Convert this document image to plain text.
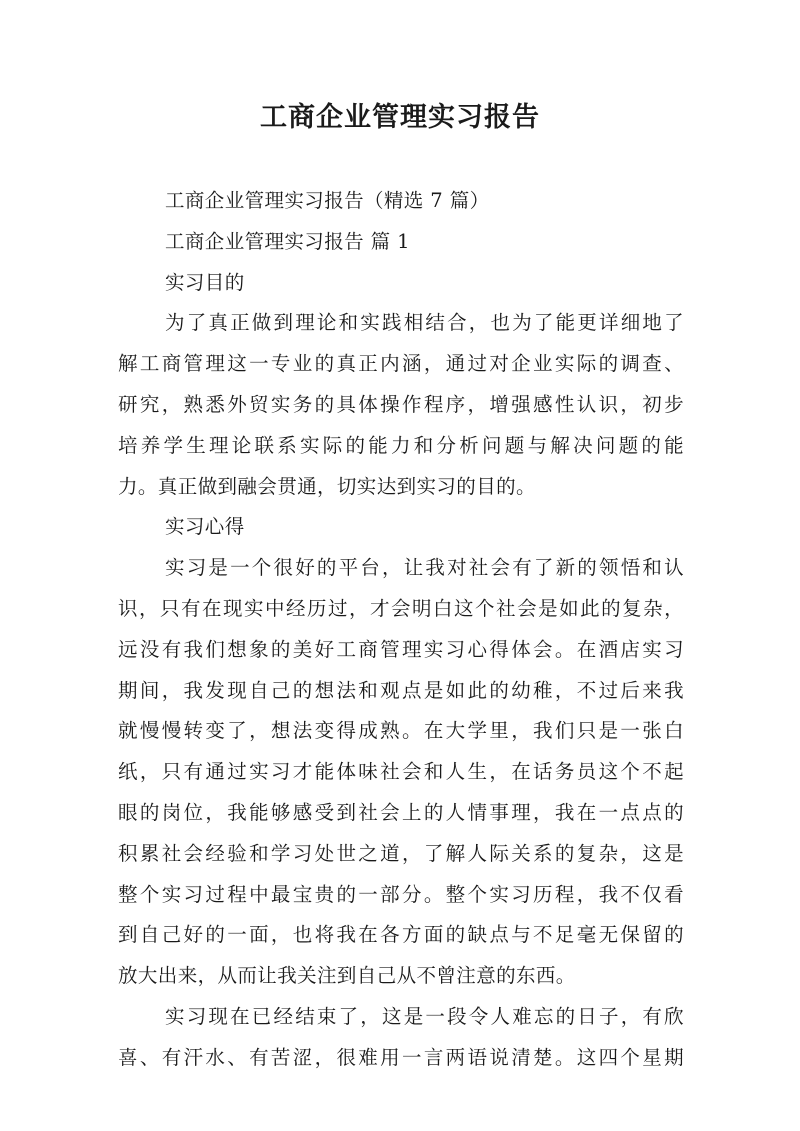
工商企业管理实习报告
工商企业管理实习报告（精选 7 篇）
工商企业管理实习报告 篇 1
实习目的
为了真正做到理论和实践相结合，也为了能更详细地了
解工商管理这一专业的真正内涵，通过对企业实际的调查、
研究，熟悉外贸实务的具体操作程序，增强感性认识，初步
培养学生理论联系实际的能力和分析问题与解决问题的能
力。真正做到融会贯通，切实达到实习的目的。
实习心得
实习是一个很好的平台，让我对社会有了新的领悟和认
识，只有在现实中经历过，才会明白这个社会是如此的复杂，
远没有我们想象的美好工商管理实习心得体会。在酒店实习
期间，我发现自己的想法和观点是如此的幼稚，不过后来我
就慢慢转变了，想法变得成熟。在大学里，我们只是一张白
纸，只有通过实习才能体味社会和人生，在话务员这个不起
眼的岗位，我能够感受到社会上的人情事理，我在一点点的
积累社会经验和学习处世之道，了解人际关系的复杂，这是
整个实习过程中最宝贵的一部分。整个实习历程，我不仅看
到自己好的一面，也将我在各方面的缺点与不足毫无保留的
放大出来，从而让我关注到自己从不曾注意的东西。
实习现在已经结束了，这是一段令人难忘的日子，有欣
喜、有汗水、有苦涩，很难用一言两语说清楚。这四个星期
